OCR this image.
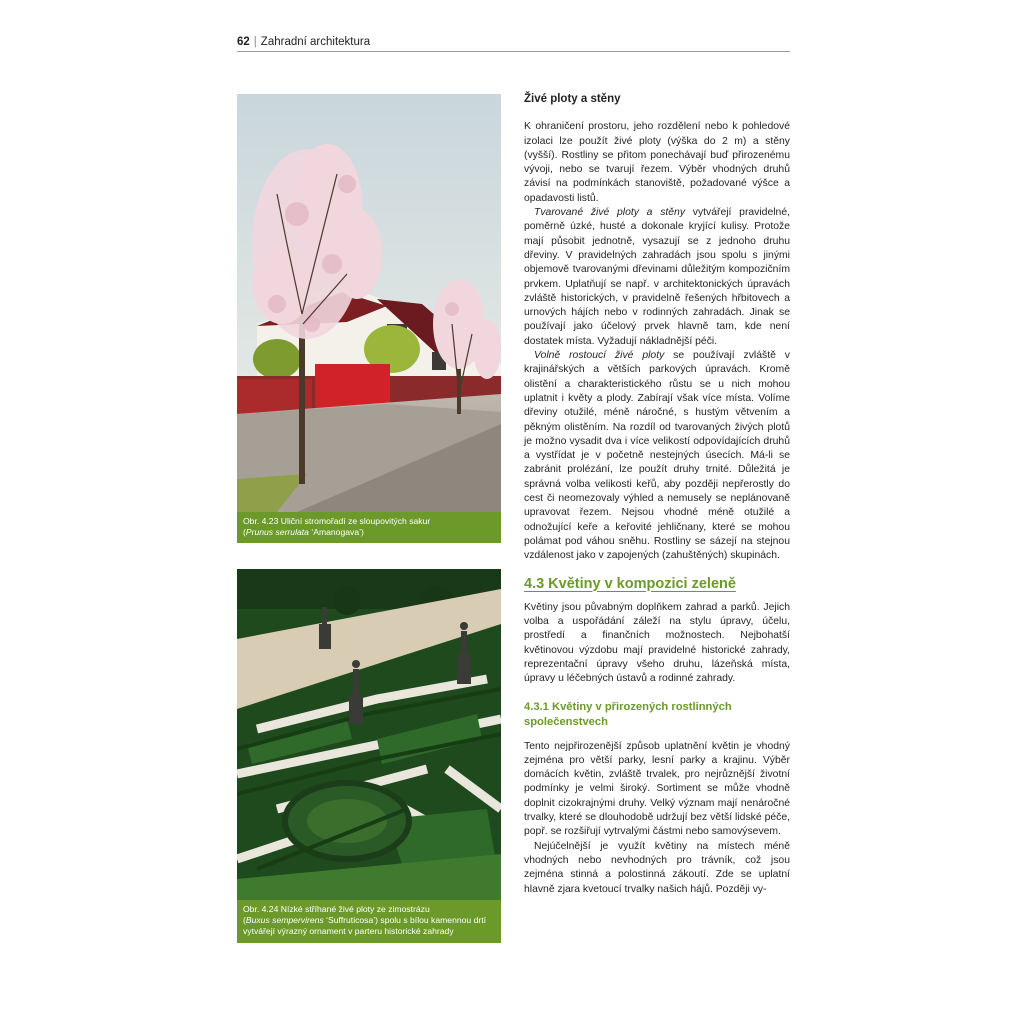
62 | Zahradní architektura
Obr. 4.23 Uliční stromořadí ze sloupovitých sakur
(Prunus serrulata ‘Amanogava’)
Obr. 4.24 Nízké stříhané živé ploty ze zimostrázu
(Buxus sempervirens ‘Suffruticosa’) spolu s bílou kamennou drtí vytvářejí výrazný ornament v parteru historické zahrady
Živé ploty a stěny

K ohraničení prostoru, jeho rozdělení nebo k pohledové izolaci lze použít živé ploty (výška do 2 m) a stěny (vyšší). Rostliny se přitom ponechávají buď přirozenému vývoji, nebo se tvarují řezem. Výběr vhodných druhů závisí na podmínkách stanoviště, požadované výšce a opadavosti listů.

Tvarované živé ploty a stěny vytvářejí pravidelné, poměrně úzké, husté a dokonale kryjící kulisy. Protože mají působit jednotně, vysazují se z jednoho druhu dřeviny. V pravidelných zahradách jsou spolu s jinými objemově tvarovanými dřevinami důležitým kompozičním prvkem. Uplatňují se např. v architektonických úpravách zvláště historických, v pravidelně řešených hřbitovech a urnových hájích nebo v rodinných zahradách. Jinak se používají jako účelový prvek hlavně tam, kde není dostatek místa. Vyžadují nákladnější péči.

Volně rostoucí živé ploty se používají zvláště v krajinářských a větších parkových úpravách. Kromě olistění a charakteristického růstu se u nich mohou uplatnit i květy a plody. Zabírají však více místa. Volíme dřeviny otužilé, méně náročné, s hustým větvením a pěkným olistěním. Na rozdíl od tvarovaných živých plotů je možno vysadit dva i více velikostí odpovídajících druhů a vystřídat je v početně nestejných úsecích. Má-li se zabránit prolézání, lze použít druhy trnité. Důležitá je správná volba velikosti keřů, aby později nepřerostly do cest či neomezovaly výhled a nemusely se neplánovaně upravovat řezem. Nejsou vhodné méně otužilé a odnožující keře a keřovité jehličnany, které se mohou polámat pod váhou sněhu. Rostliny se sázejí na stejnou vzdálenost jako v zapojených (zahuštěných) skupinách.

4.3 Květiny v kompozici zeleně

Květiny jsou půvabným doplňkem zahrad a parků. Jejich volba a uspořádání záleží na stylu úpravy, účelu, prostředí a finančních možnostech. Nejbohatší květinovou výzdobu mají pravidelné historické zahrady, reprezentační úpravy všeho druhu, lázeňská místa, úpravy u léčebných ústavů a rodinné zahrady.

4.3.1 Květiny v přirozených rostlinných společenstvech

Tento nejpřirozenější způsob uplatnění květin je vhodný zejména pro větší parky, lesní parky a krajinu. Výběr domácích květin, zvláště trvalek, pro nejrůznější životní podmínky je velmi široký. Sortiment se může vhodně doplnit cizokrajnými druhy. Velký význam mají nenáročné trvalky, které se dlouhodobě udržují bez větší lidské péče, popř. se rozšiřují vytrvalými částmi nebo samovýsevem.

Nejúčelnější je využít květiny na místech méně vhodných nebo nevhodných pro trávník, což jsou zejména stinná a polostinná zákoutí. Zde se uplatní hlavně zjara kvetoucí trvalky našich hájů. Později vy-
